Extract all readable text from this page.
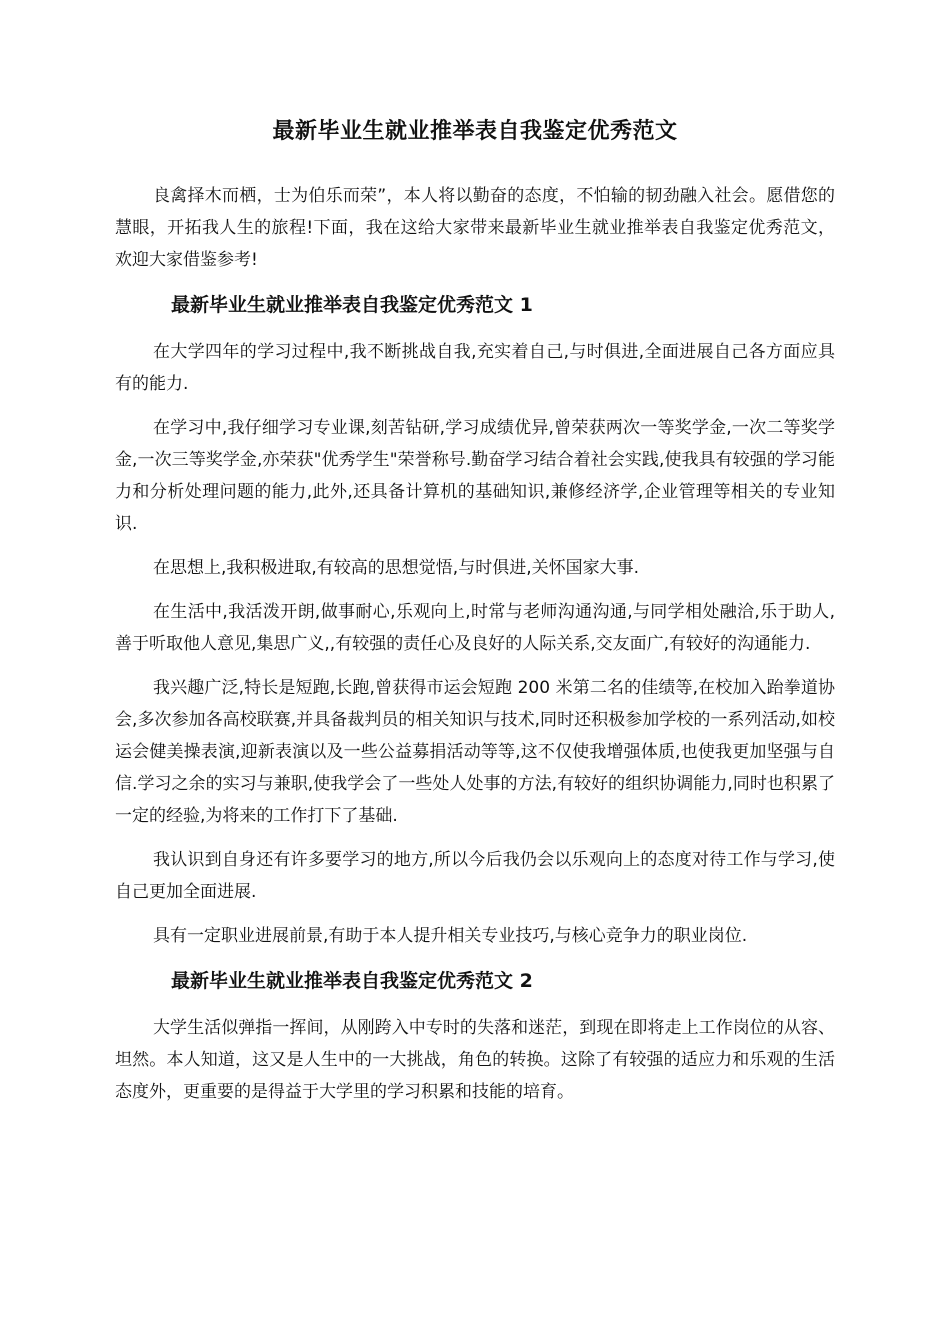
最新毕业生就业推举表自我鉴定优秀范文

良禽择木而栖，士为伯乐而荣”，本人将以勤奋的态度，不怕输的韧劲融入社会。愿借您的慧眼，开拓我人生的旅程!下面，我在这给大家带来最新毕业生就业推举表自我鉴定优秀范文，欢迎大家借鉴参考!

最新毕业生就业推举表自我鉴定优秀范文 1

在大学四年的学习过程中,我不断挑战自我,充实着自己,与时俱进,全面进展自己各方面应具有的能力.

在学习中,我仔细学习专业课,刻苦钻研,学习成绩优异,曾荣获两次一等奖学金,一次二等奖学金,一次三等奖学金,亦荣获"优秀学生"荣誉称号.勤奋学习结合着社会实践,使我具有较强的学习能力和分析处理问题的能力,此外,还具备计算机的基础知识,兼修经济学,企业管理等相关的专业知识.

在思想上,我积极进取,有较高的思想觉悟,与时俱进,关怀国家大事.

在生活中,我活泼开朗,做事耐心,乐观向上,时常与老师沟通沟通,与同学相处融洽,乐于助人,善于听取他人意见,集思广义,,有较强的责任心及良好的人际关系,交友面广,有较好的沟通能力.

我兴趣广泛,特长是短跑,长跑,曾获得市运会短跑 200 米第二名的佳绩等,在校加入跆拳道协会,多次参加各高校联赛,并具备裁判员的相关知识与技术,同时还积极参加学校的一系列活动,如校运会健美操表演,迎新表演以及一些公益募捐活动等等,这不仅使我增强体质,也使我更加坚强与自信.学习之余的实习与兼职,使我学会了一些处人处事的方法,有较好的组织协调能力,同时也积累了一定的经验,为将来的工作打下了基础.

我认识到自身还有许多要学习的地方,所以今后我仍会以乐观向上的态度对待工作与学习,使自己更加全面进展.

具有一定职业进展前景,有助于本人提升相关专业技巧,与核心竞争力的职业岗位.

最新毕业生就业推举表自我鉴定优秀范文 2

大学生活似弹指一挥间，从刚跨入中专时的失落和迷茫，到现在即将走上工作岗位的从容、坦然。本人知道，这又是人生中的一大挑战，角色的转换。这除了有较强的适应力和乐观的生活态度外，更重要的是得益于大学里的学习积累和技能的培育。
